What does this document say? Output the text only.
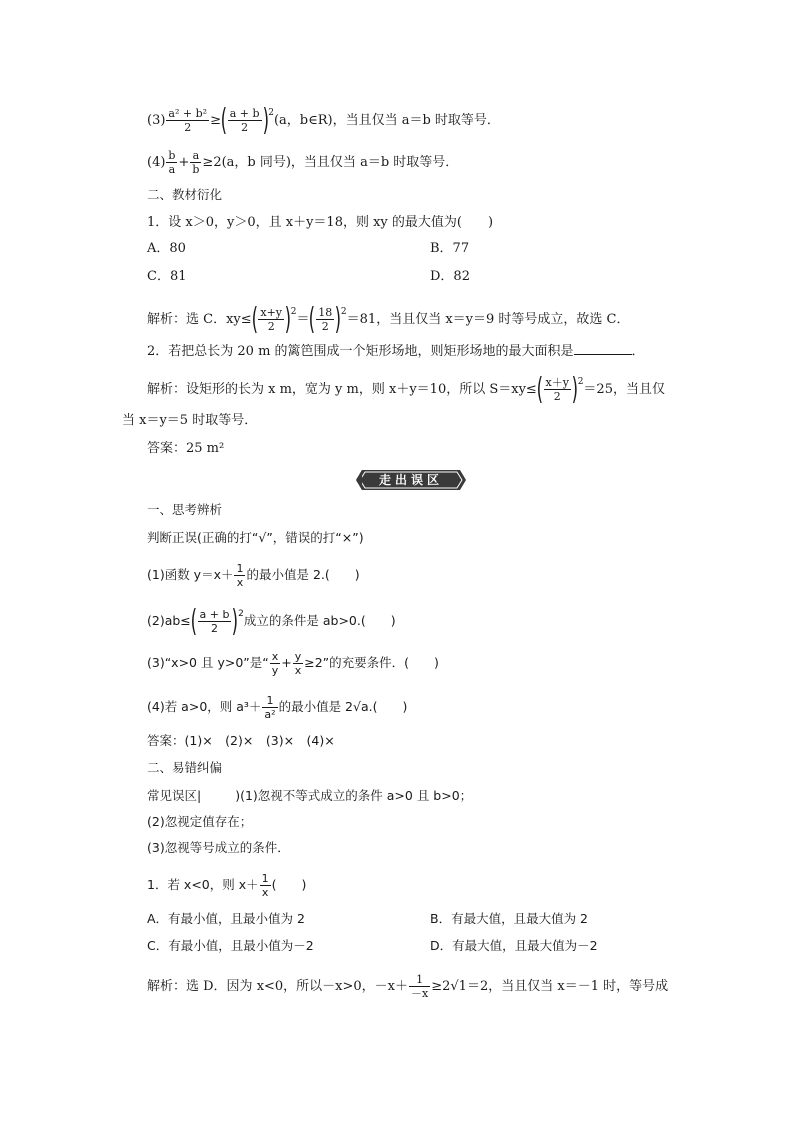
$(3) \frac{\text{a² + b²}}{2}$ ≥( $\frac{a + b}{2} )^2(a$，b∈R)，当且仅当 a＝b 时取等号．
$(4) \frac{b}{a} + \frac{a}{b} \ge 2(a$，b 同号)，当且仅当 a＝b 时取等号．
二、教材衍化
1．设 x＞0，y＞0，且 x＋y＝18，则 xy 的最大值为(　　)
A．80	B．77
C．81	D．82
解析：选 C．$xy\le( \frac{x+y}{2} )^2=( \frac{18}{2} )^2=81$，当且仅当 x＝y＝9 时等号成立，故选 C．
2．若把总长为 20 m 的篱笆围成一个矩形场地，则矩形场地的最大面积是	．
解析：设矩形的长为 x m，宽为 y m，则 x＋y＝10，所以 $S=xy\le( \frac{x+y}{2} )^2=25$，当且仅
当 x＝y＝5 时取等号．
答案：25 m²
走出误区
一、思考辨析
判断正误(正确的打“√”，错误的打“×”)
(1)函数 $y=x+ \frac{1}{x}$ 的最小值是 2.(　　)
$(2)ab\le( \frac{a + b}{2} )^2$成立的条件是 ab>0.(　　)
(3)“x>0 且 y>0”是“ $\frac{x}{y} + \frac{y}{x} \ge 2$”的充要条件．(　　)
(4)若 a>0，则 $a^3+ \frac{1}{\text{a²}}$ 的最小值是 2√a.(　　)
答案：(1)×　(2)×　(3)×　(4)×
二、易错纠偏
常见误区|	)(1)忽视不等式成立的条件 a>0 且 b>0；
(2)忽视定值存在；
(3)忽视等号成立的条件．
1．若 x<0，则 $x+ \frac{1}{x}$ (　　)
A．有最小值，且最小值为 2	B．有最大值，且最大值为 2
C．有最小值，且最小值为－2	D．有最大值，且最大值为－2
解析：选 D．因为 x<0，所以－x>0，$-x+ \frac{1}{-x} \ge 2√1=2$，当且仅当 x＝－1 时，等号成
